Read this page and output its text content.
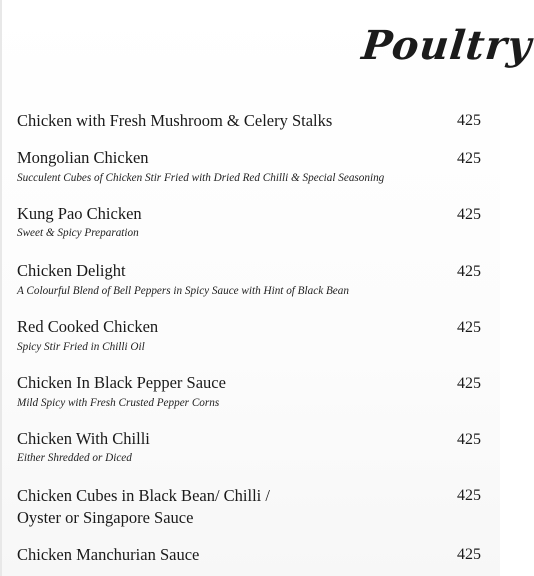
Poultry
Chicken with Fresh Mushroom & Celery Stalks	425
Mongolian Chicken
Succulent Cubes of Chicken Stir Fried with Dried Red Chilli & Special Seasoning
425
Kung Pao Chicken
Sweet & Spicy Preparation
425
Chicken Delight
A Colourful Blend of Bell Peppers in Spicy Sauce with Hint of Black Bean
425
Red Cooked Chicken
Spicy Stir Fried in Chilli Oil
425
Chicken In Black Pepper Sauce
Mild Spicy with Fresh Crusted Pepper Corns
425
Chicken With Chilli
Either Shredded or Diced
425
Chicken Cubes in Black Bean/ Chilli /
Oyster or Singapore Sauce
425
Chicken Manchurian Sauce	425
